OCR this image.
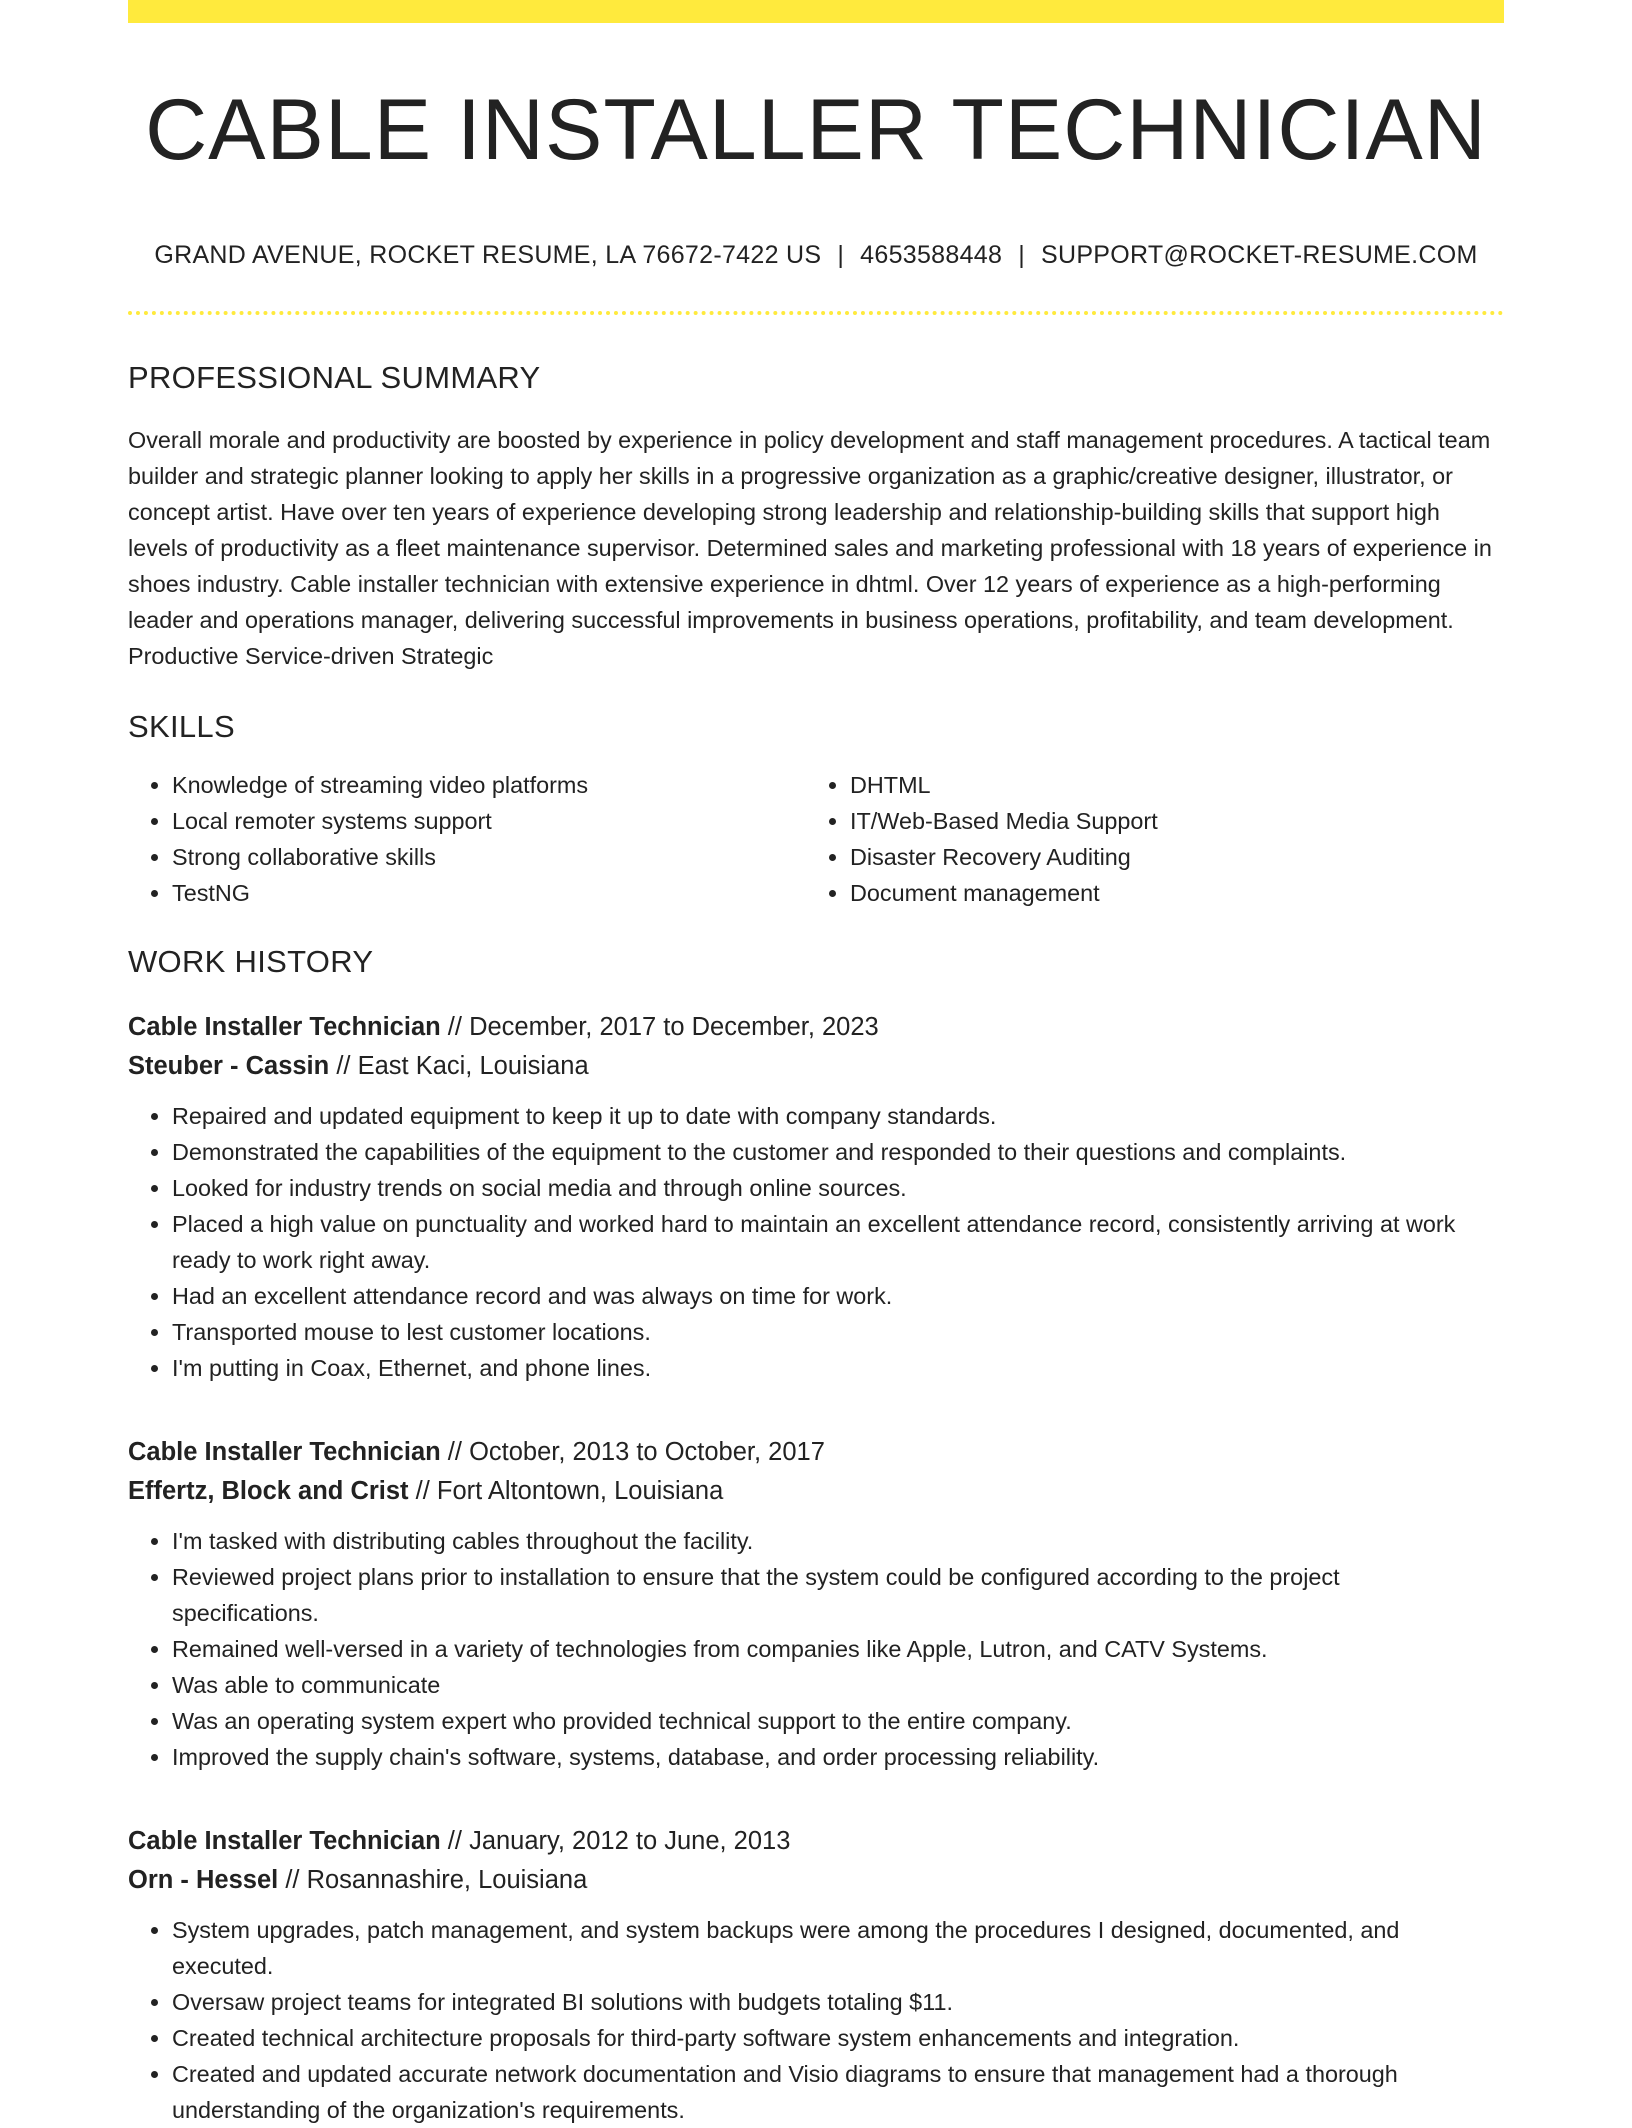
CABLE INSTALLER TECHNICIAN
GRAND AVENUE, ROCKET RESUME, LA 76672-7422 US | 4653588448 | SUPPORT@ROCKET-RESUME.COM
PROFESSIONAL SUMMARY

Overall morale and productivity are boosted by experience in policy development and staff management procedures. A tactical team builder and strategic planner looking to apply her skills in a progressive organization as a graphic/creative designer, illustrator, or concept artist. Have over ten years of experience developing strong leadership and relationship-building skills that support high levels of productivity as a fleet maintenance supervisor. Determined sales and marketing professional with 18 years of experience in shoes industry. Cable installer technician with extensive experience in dhtml. Over 12 years of experience as a high-performing leader and operations manager, delivering successful improvements in business operations, profitability, and team development. Productive Service-driven Strategic

SKILLS
• Knowledge of streaming video platforms
• Local remoter systems support
• Strong collaborative skills
• TestNG
• DHTML
• IT/Web-Based Media Support
• Disaster Recovery Auditing
• Document management
WORK HISTORY
Cable Installer Technician // December, 2017 to December, 2023
Steuber - Cassin // East Kaci, Louisiana
• Repaired and updated equipment to keep it up to date with company standards.
• Demonstrated the capabilities of the equipment to the customer and responded to their questions and complaints.
• Looked for industry trends on social media and through online sources.
• Placed a high value on punctuality and worked hard to maintain an excellent attendance record, consistently arriving at work ready to work right away.
• Had an excellent attendance record and was always on time for work.
• Transported mouse to lest customer locations.
• I'm putting in Coax, Ethernet, and phone lines.
Cable Installer Technician // October, 2013 to October, 2017
Effertz, Block and Crist // Fort Altontown, Louisiana
• I'm tasked with distributing cables throughout the facility.
• Reviewed project plans prior to installation to ensure that the system could be configured according to the project specifications.
• Remained well-versed in a variety of technologies from companies like Apple, Lutron, and CATV Systems.
• Was able to communicate
• Was an operating system expert who provided technical support to the entire company.
• Improved the supply chain's software, systems, database, and order processing reliability.
Cable Installer Technician // January, 2012 to June, 2013
Orn - Hessel // Rosannashire, Louisiana
• System upgrades, patch management, and system backups were among the procedures I designed, documented, and executed.
• Oversaw project teams for integrated BI solutions with budgets totaling $11.
• Created technical architecture proposals for third-party software system enhancements and integration.
• Created and updated accurate network documentation and Visio diagrams to ensure that management had a thorough understanding of the organization's requirements.
